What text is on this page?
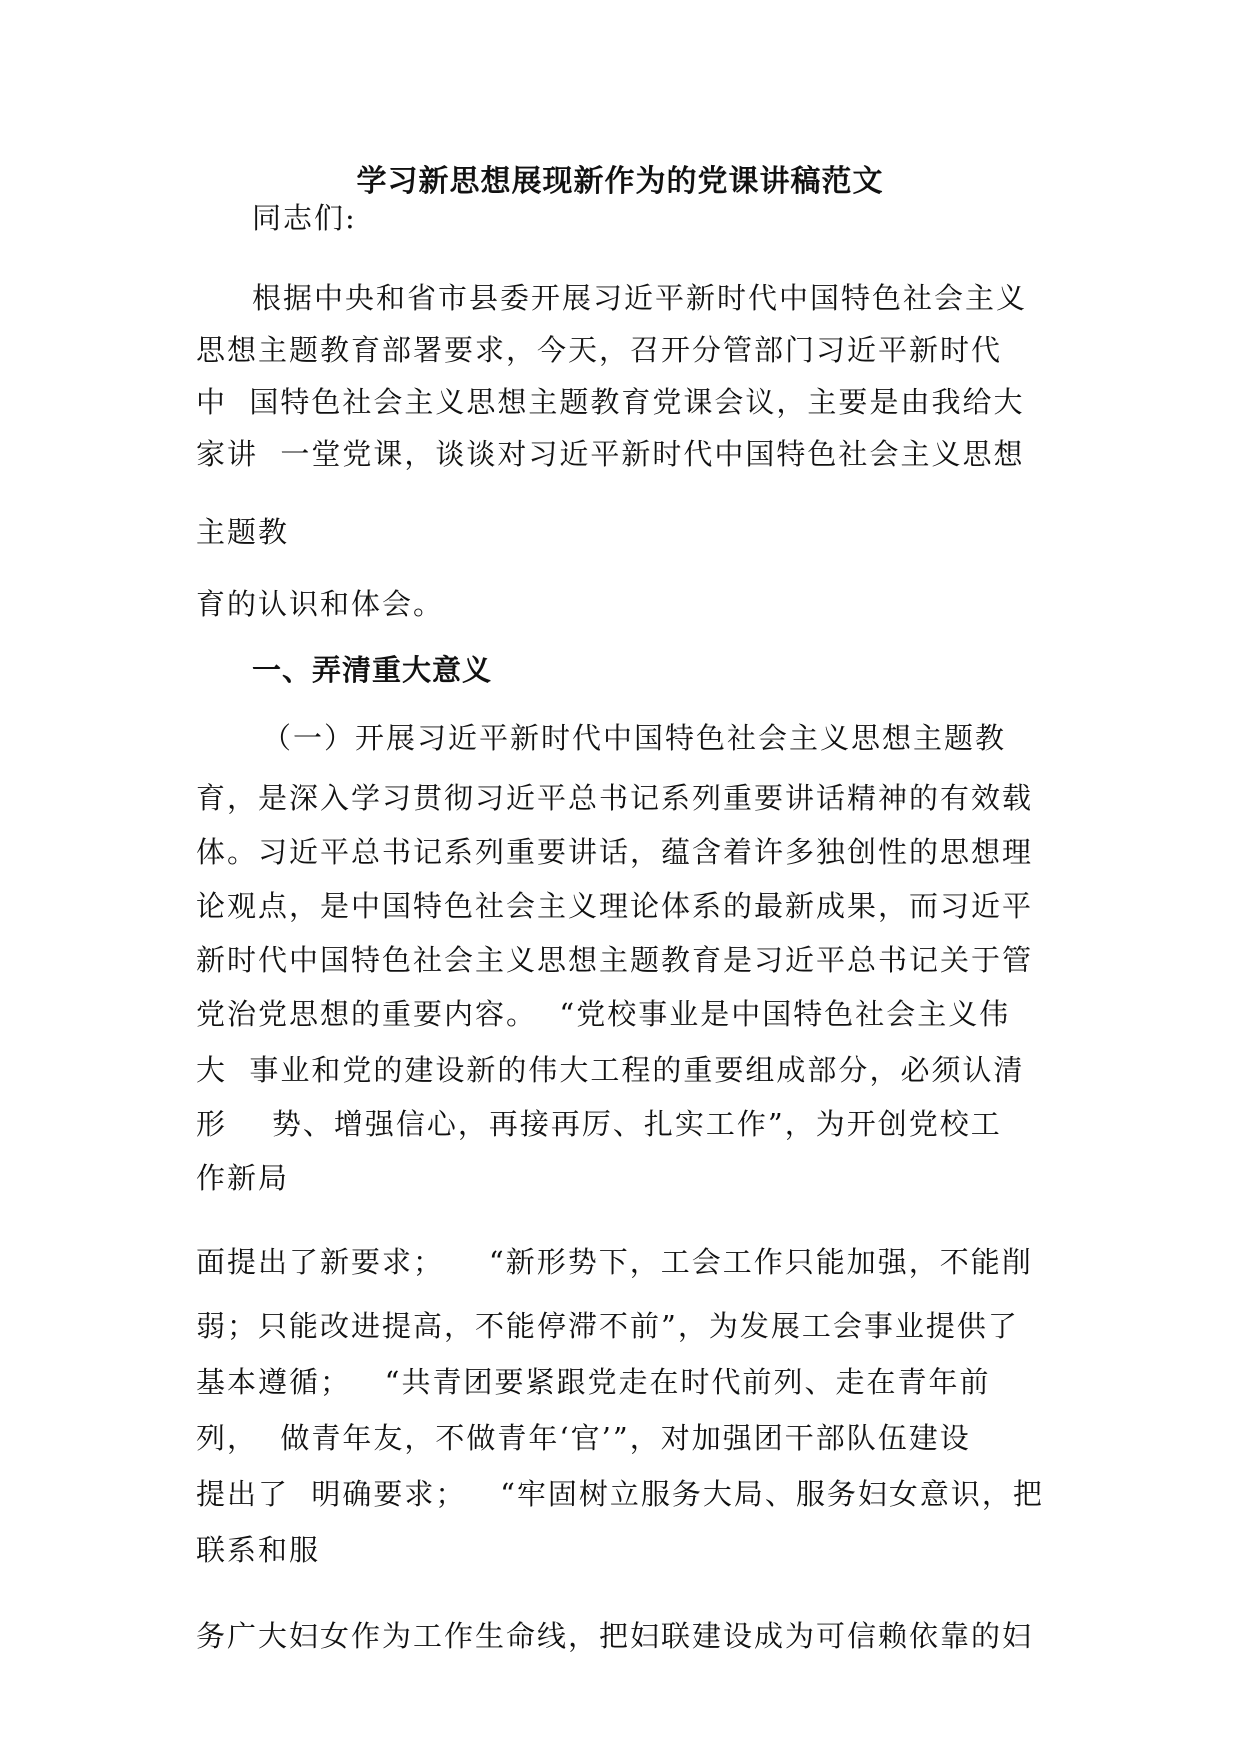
学习新思想展现新作为的党课讲稿范文
同志们:
根据中央和省市县委开展习近平新时代中国特色社会主义
思想主题教育部署要求，今天，召开分管部门习近平新时代
中  国特色社会主义思想主题教育党课会议，主要是由我给大
家讲  一堂党课，谈谈对习近平新时代中国特色社会主义思想
主题教
育的认识和体会。
一、弄清重大意义
（一）开展习近平新时代中国特色社会主义思想主题教
育，是深入学习贯彻习近平总书记系列重要讲话精神的有效载
体。习近平总书记系列重要讲话，蕴含着许多独创性的思想理
论观点，是中国特色社会主义理论体系的最新成果，而习近平
新时代中国特色社会主义思想主题教育是习近平总书记关于管
党治党思想的重要内容。  “党校事业是中国特色社会主义伟
大  事业和党的建设新的伟大工程的重要组成部分，必须认清
形    势、增强信心，再接再厉、扎实工作”，为开创党校工
作新局
面提出了新要求；    “新形势下，工会工作只能加强，不能削
弱；只能改进提高，不能停滞不前”，为发展工会事业提供了
基本遵循；   “共青团要紧跟党走在时代前列、走在青年前
列，  做青年友，不做青年‘官’”，对加强团干部队伍建设
提出了  明确要求；   “牢固树立服务大局、服务妇女意识，把
联系和服
务广大妇女作为工作生命线，把妇联建设成为可信赖依靠的妇
